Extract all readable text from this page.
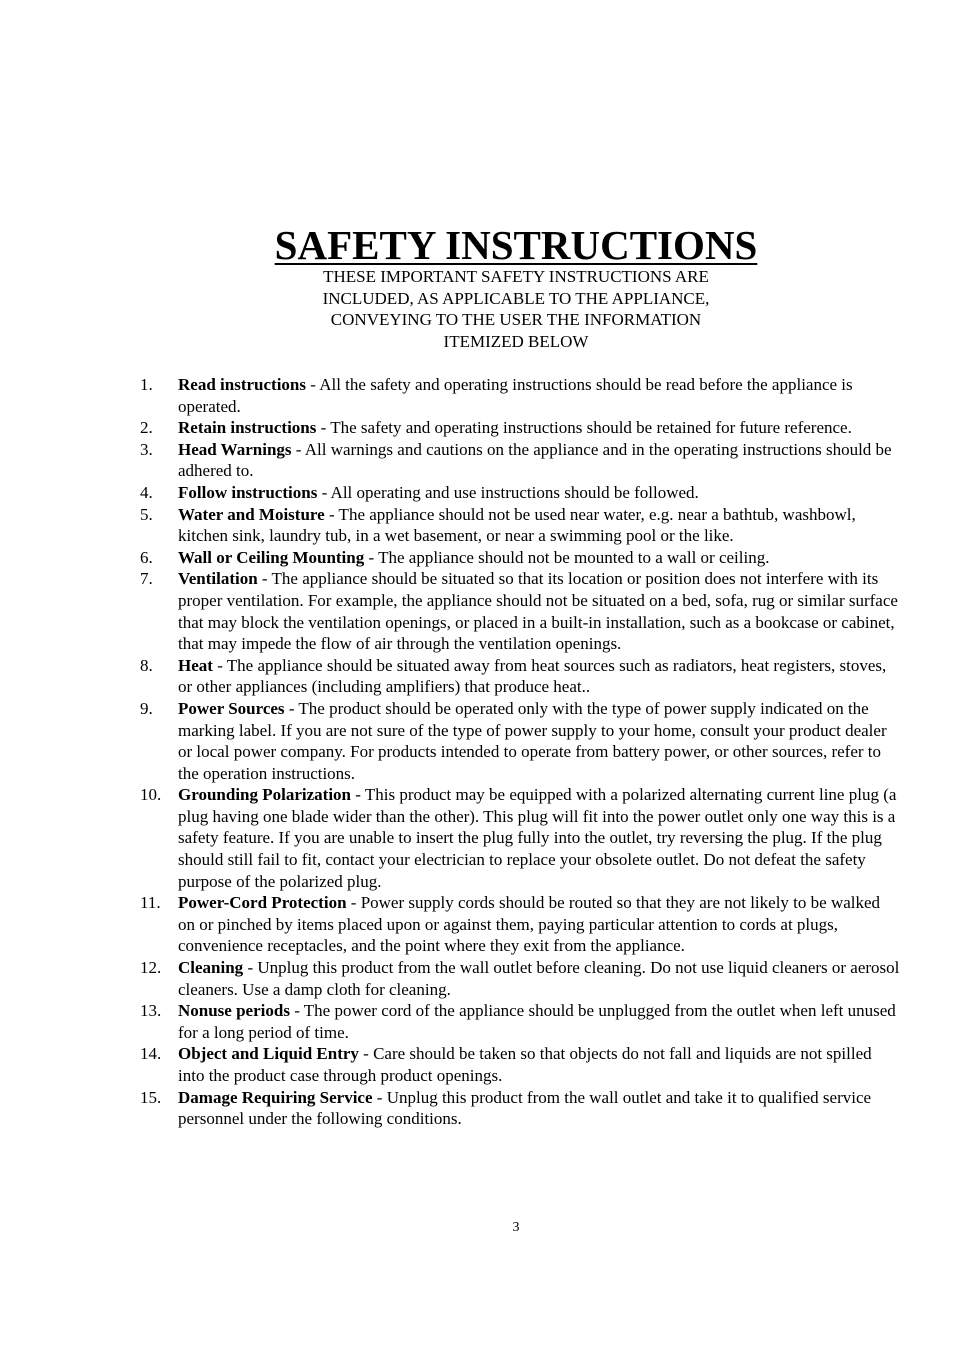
SAFETY INSTRUCTIONS
THESE IMPORTANT SAFETY INSTRUCTIONS ARE
INCLUDED, AS APPLICABLE TO THE APPLIANCE,
CONVEYING TO THE USER THE INFORMATION
ITEMIZED BELOW
1. Read instructions - All the safety and operating instructions should be read before the appliance is operated.
2. Retain instructions - The safety and operating instructions should be retained for future reference.
3. Head Warnings - All warnings and cautions on the appliance and in the operating instructions should be adhered to.
4. Follow instructions - All operating and use instructions should be followed.
5. Water and Moisture - The appliance should not be used near water, e.g. near a bathtub, washbowl, kitchen sink, laundry tub, in a wet basement, or near a swimming pool or the like.
6. Wall or Ceiling Mounting - The appliance should not be mounted to a wall or ceiling.
7. Ventilation - The appliance should be situated so that its location or position does not interfere with its proper ventilation. For example, the appliance should not be situated on a bed, sofa, rug or similar surface that may block the ventilation openings, or placed in a built-in installation, such as a bookcase or cabinet, that may impede the flow of air through the ventilation openings.
8. Heat - The appliance should be situated away from heat sources such as radiators, heat registers, stoves, or other appliances (including amplifiers) that produce heat..
9. Power Sources - The product should be operated only with the type of power supply indicated on the marking label. If you are not sure of the type of power supply to your home, consult your product dealer or local power company. For products intended to operate from battery power, or other sources, refer to the operation instructions.
10. Grounding Polarization - This product may be equipped with a polarized alternating current line plug (a plug having one blade wider than the other). This plug will fit into the power outlet only one way this is a safety feature. If you are unable to insert the plug fully into the outlet, try reversing the plug. If the plug should still fail to fit, contact your electrician to replace your obsolete outlet. Do not defeat the safety purpose of the polarized plug.
11. Power-Cord Protection - Power supply cords should be routed so that they are not likely to be walked on or pinched by items placed upon or against them, paying particular attention to cords at plugs, convenience receptacles, and the point where they exit from the appliance.
12. Cleaning - Unplug this product from the wall outlet before cleaning. Do not use liquid cleaners or aerosol cleaners. Use a damp cloth for cleaning.
13. Nonuse periods - The power cord of the appliance should be unplugged from the outlet when left unused for a long period of time.
14. Object and Liquid Entry - Care should be taken so that objects do not fall and liquids are not spilled into the product case through product openings.
15. Damage Requiring Service - Unplug this product from the wall outlet and take it to qualified service personnel under the following conditions.
3
